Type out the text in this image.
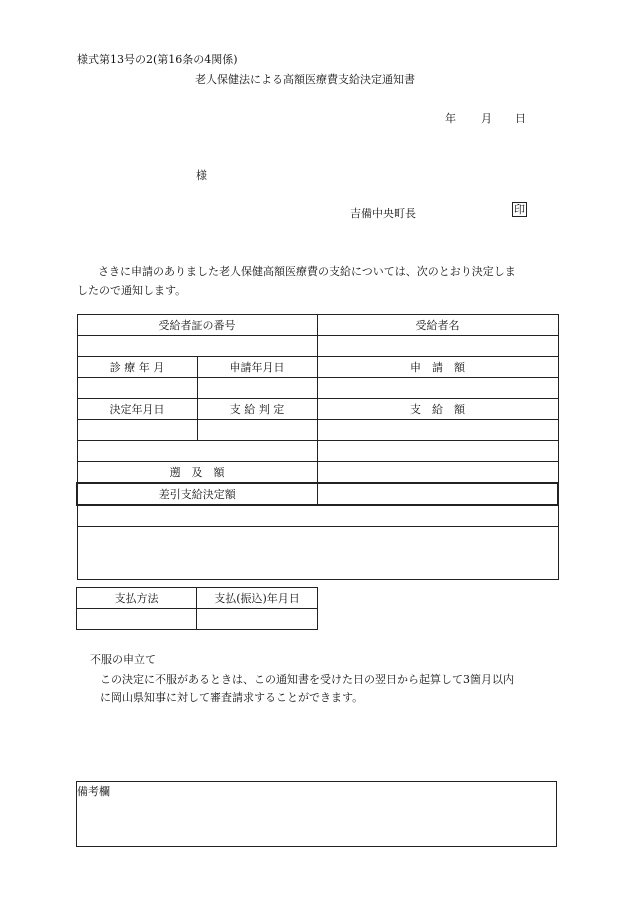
様式第13号の2(第16条の4関係)
老人保健法による高額医療費支給決定通知書
年 月 日
様
吉備中央町長	印
さきに申請のありました老人保健高額医療費の支給については、次のとおり決定しま
したので通知します。
受給者証の番号		受給者名

診 療 年 月	申請年月日	申　請　額

決定年月日	支 給 判 定	支　給　額

遡　及　額		
差引支給決定額		

支払方法	支払(振込)年月日

不服の申立て
この決定に不服があるときは、この通知書を受けた日の翌日から起算して3箇月以内
に岡山県知事に対して審査請求することができます。
備考欄
